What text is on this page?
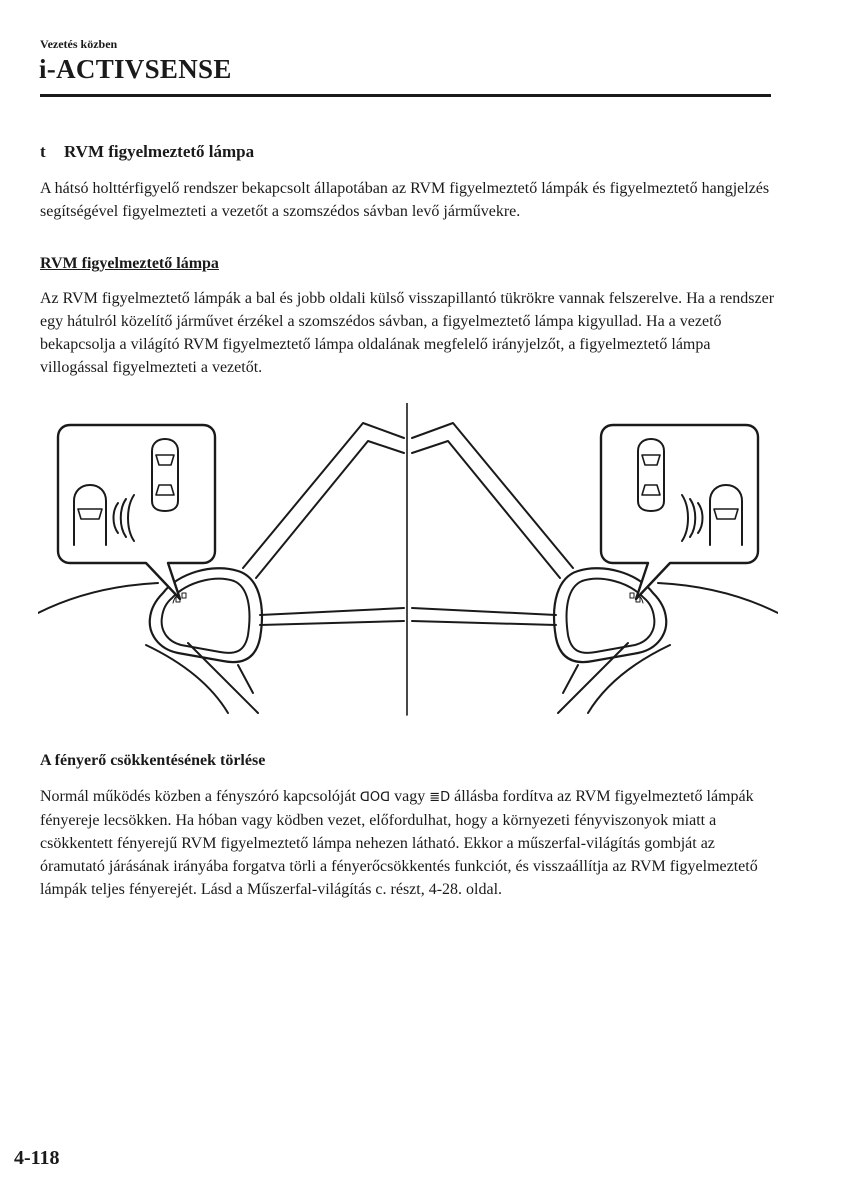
Vezetés közben
i-ACTIVSENSE
t RVM figyelmeztető lámpa
A hátsó holttérfigyelő rendszer bekapcsolt állapotában az RVM figyelmeztető lámpák és figyelmeztető hangjelzés segítségével figyelmezteti a vezetőt a szomszédos sávban levő járművekre.
RVM figyelmeztető lámpa
Az RVM figyelmeztető lámpák a bal és jobb oldali külső visszapillantó tükrökre vannak felszerelve. Ha a rendszer egy hátulról közelítő járművet érzékel a szomszédos sávban, a figyelmeztető lámpa kigyullad. Ha a vezető bekapcsolja a világító RVM figyelmeztető lámpa oldalának megfelelő irányjelzőt, a figyelmeztető lámpa villogással figyelmezteti a vezetőt.
A fényerő csökkentésének törlése
Normál működés közben a fényszóró kapcsolóját ᗡOᗡ vagy ≣D állásba fordítva az RVM figyelmeztető lámpák fényereje lecsökken. Ha hóban vagy ködben vezet, előfordulhat, hogy a környezeti fényviszonyok miatt a csökkentett fényerejű RVM figyelmeztető lámpa nehezen látható. Ekkor a műszerfal-világítás gombját az óramutató járásának irányába forgatva törli a fényerőcsökkentés funkciót, és visszaállítja az RVM figyelmeztető lámpák teljes fényerejét. Lásd a Műszerfal-világítás c. részt, 4-28. oldal.
4-118
